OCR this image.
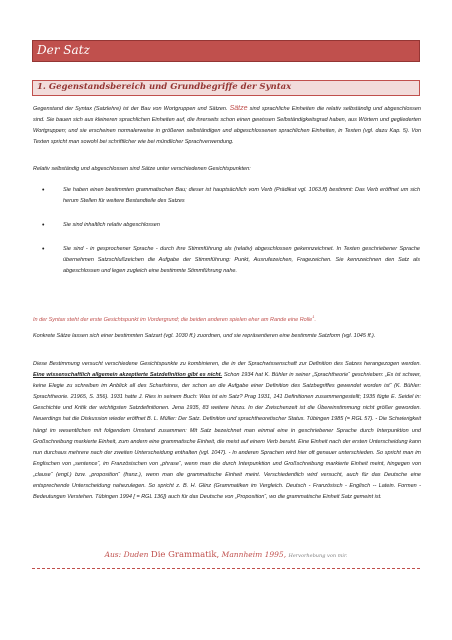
Der Satz
1. Gegenstandsbereich und Grundbegriffe der Syntax
Gegenstand der Syntax (Satzlehre) ist der Bau von Wortgruppen und Sätzen. Sätze sind sprachliche Einheiten die relativ selbständig und abgeschlossen sind. Sie bauen sich aus kleineren sprachlichen Einheiten auf, die ihrerseits schon einen gewissen Selbständigkeitsgrad haben, aus Wörtern und gegliederten Wortgruppen; und sie erscheinen normalerweise in größeren selbständigen und abgeschlossenen sprachlichen Einheiten, in Texten (vgl. dazu Kap. 5). Von Texten spricht man sowohl bei schriftlicher wie bei mündlicher Sprachverwendung.
Relativ selbständig und abgeschlossen sind Sätze unter verschiedenen Gesichtspunkten:
• Sie haben einen bestimmten grammatischen Bau; dieser ist hauptsächlich vom Verb (Prädikat vgl. 1063.ff) bestimmt: Das Verb eröffnet um sich herum Stellen für weitere Bestandteile des Satzes
• Sie sind inhaltlich relativ abgeschlossen
• Sie sind - in gesprochener Sprache - durch ihre Stimmführung als (relativ) abgeschlossen gekennzeichnet. In Texten geschriebener Sprache übernehmen Satzschlußzeichen die Aufgabe der Stimmführung: Punkt, Ausrufezeichen, Fragezeichen. Sie kennzeichnen den Satz als abgeschlossen und legen zugleich eine bestimmte Stimmführung nahe.
In der Syntax steht der erste Gesichtspunkt im Vordergrund; die beiden anderen spielen eher am Rande eine Rolle$^1$.
Konkrete Sätze lassen sich einer bestimmten Satzart (vgl. 1030 ff.) zuordnen, und sie repräsentieren eine bestimmte Satzform (vgl. 1045 ff.).
Diese Bestimmung versucht verschiedene Gesichtspunkte zu kombinieren, die in der Sprachwissenschaft zur Definition des Satzes herangezogen werden. Eine wissenschaftlich allgemein akzeptierte Satzdefinition gibt es nicht. Schon 1934 hat K. Bühler in seiner „Sprachtheorie“ geschrieben: „Es ist schwer, keine Elegie zu schreiben im Anblick all des Scharfsinns, der schon an die Aufgabe einer Definition des Satzbegriffes gewendet worden ist“ (K. Bühler: Sprachtheorie. 21965, S. 356). 1931 hatte J. Ries in seinem Buch: Was ist ein Satz? Prag 1931, 141 Definitionen zusammengestellt; 1935 fügte E. Seidel in: Geschichte und Kritik der wichtigsten Satzdefinitionen. Jena 1935, 83 weitere hinzu. In der Zwischenzeit ist die Übereinstimmung nicht größer geworden. Neuerdings hat die Diskussion wieder eröffnet B. L. Müller: Der Satz. Definition und sprachtheoretischer Status. Tübingen 1985 (= RGL 57). - Die Schwierigkeit hängt im wesentlichen mit folgendem Umstand zusammen: Mit Satz bezeichnet man einmal eine in geschriebener Sprache durch Interpunktion und Großschreibung markierte Einheit, zum andern eine grammatische Einheit, die meist auf einem Verb beruht. Eine Einheit nach der ersten Unterscheidung kann nun durchaus mehrere nach der zweiten Unterscheidung enthalten (vgl. 1047). - In anderen Sprachen wird hier oft genauer unterschieden. So spricht man im Englischen von „sentence“, im Französischen von „phrase“, wenn man die durch Interpunktion und Großschreibung markierte Einheit meint, hingegen von „clause“ (engl.) bzw. „proposition“ (franz.), wenn man die grammatische Einheit meint. Verschiedentlich wird versucht, auch für das Deutsche eine entsprechende Unterscheidung nahezulegen. So spricht z. B. H. Glinz (Grammatiken im Vergleich. Deutsch - Französisch - Englisch -- Latein. Formen - Bedeutungen Verstehen. Tübingen 1994 [ = RGL 136]) auch für das Deutsche von „Proposition“, wo die grammatische Einheit Satz gemeint ist.
Aus: Duden Die Grammatik, Mannheim 1995, Hervorhebung von mir.
